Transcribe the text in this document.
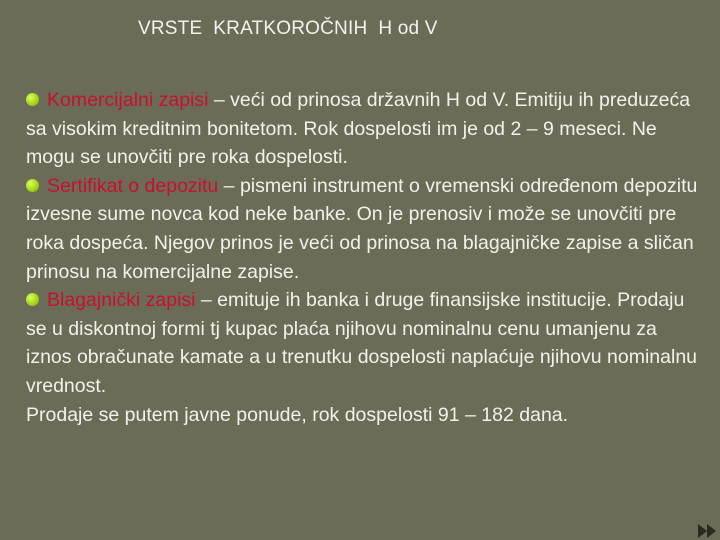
VRSTE  KRATKOROČNIH  H od V

Komercijalni zapisi – veći od prinosa državnih H od V. Emitiju ih preduzeća sa visokim kreditnim bonitetom. Rok dospelosti im je od 2 – 9 meseci. Ne mogu se unovčiti pre roka dospelosti.

Sertifikat o depozitu – pismeni instrument o vremenski određenom depozitu izvesne sume novca kod neke banke. On je prenosiv i može se unovčiti pre roka dospeća. Njegov prinos je veći od prinosa na blagajničke zapise a sličan prinosu na komercijalne zapise.

Blagajnički zapisi – emituje ih banka i druge finansijske institucije. Prodaju se u diskontnoj formi tj kupac plaća njihovu nominalnu cenu umanjenu za iznos obračunate kamate a u trenutku dospelosti naplaćuje njihovu nominalnu vrednost.

Prodaje se putem javne ponude, rok dospelosti 91 – 182 dana.
